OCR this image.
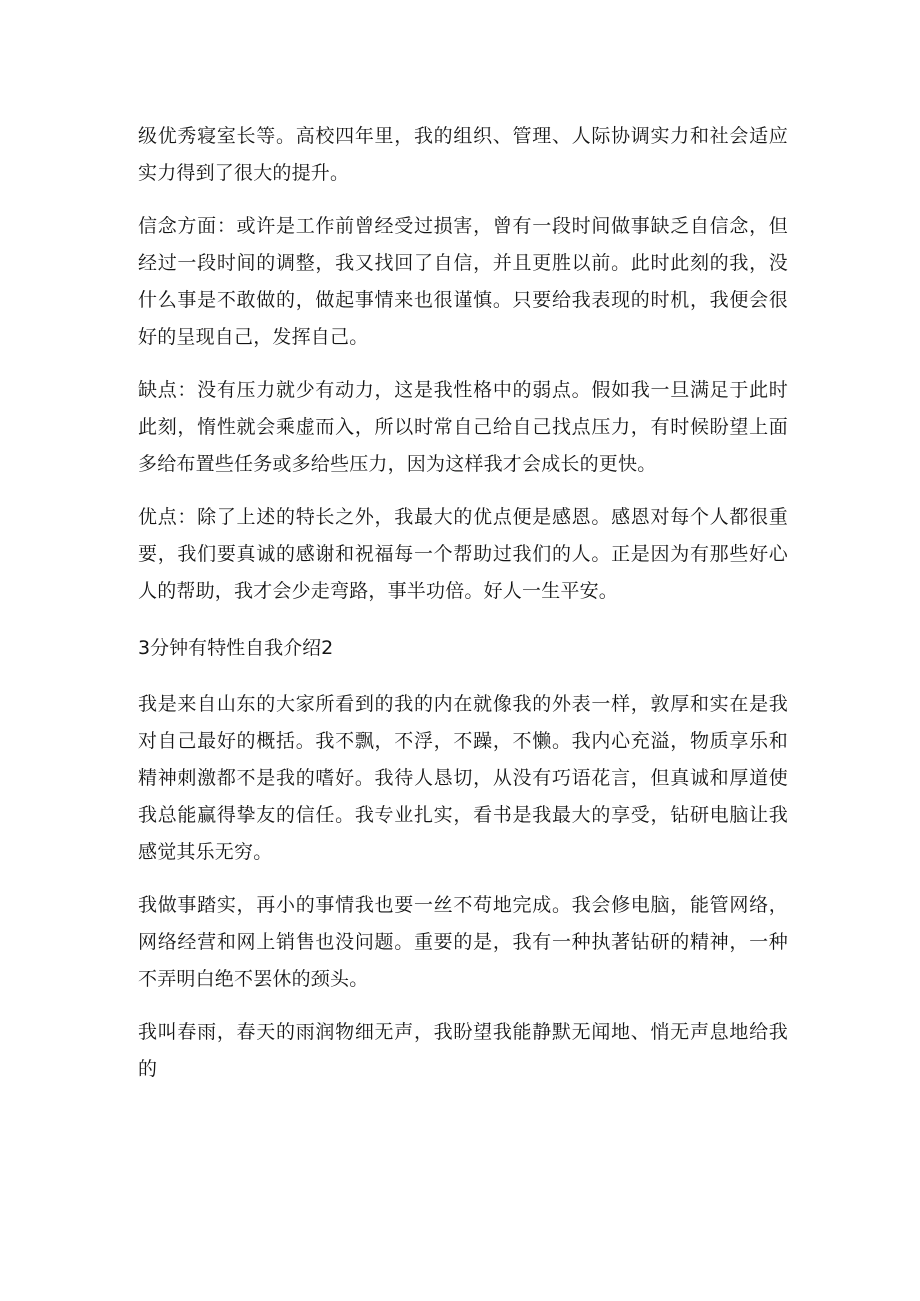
级优秀寝室长等。高校四年里，我的组织、管理、人际协调实力和社会适应实力得到了很大的提升。

信念方面：或许是工作前曾经受过损害，曾有一段时间做事缺乏自信念，但经过一段时间的调整，我又找回了自信，并且更胜以前。此时此刻的我，没什么事是不敢做的，做起事情来也很谨慎。只要给我表现的时机，我便会很好的呈现自己，发挥自己。

缺点：没有压力就少有动力，这是我性格中的弱点。假如我一旦满足于此时此刻，惰性就会乘虚而入，所以时常自己给自己找点压力，有时候盼望上面多给布置些任务或多给些压力，因为这样我才会成长的更快。

优点：除了上述的特长之外，我最大的优点便是感恩。感恩对每个人都很重要，我们要真诚的感谢和祝福每一个帮助过我们的人。正是因为有那些好心人的帮助，我才会少走弯路，事半功倍。好人一生平安。

3分钟有特性自我介绍2

我是来自山东的大家所看到的我的内在就像我的外表一样，敦厚和实在是我对自己最好的概括。我不飘，不浮，不躁，不懒。我内心充溢，物质享乐和精神刺激都不是我的嗜好。我待人恳切，从没有巧语花言，但真诚和厚道使我总能赢得挚友的信任。我专业扎实，看书是我最大的享受，钻研电脑让我感觉其乐无穷。

我做事踏实，再小的事情我也要一丝不苟地完成。我会修电脑，能管网络，网络经营和网上销售也没问题。重要的是，我有一种执著钻研的精神，一种不弄明白绝不罢休的颈头。

我叫春雨，春天的雨润物细无声，我盼望我能静默无闻地、悄无声息地给我的
